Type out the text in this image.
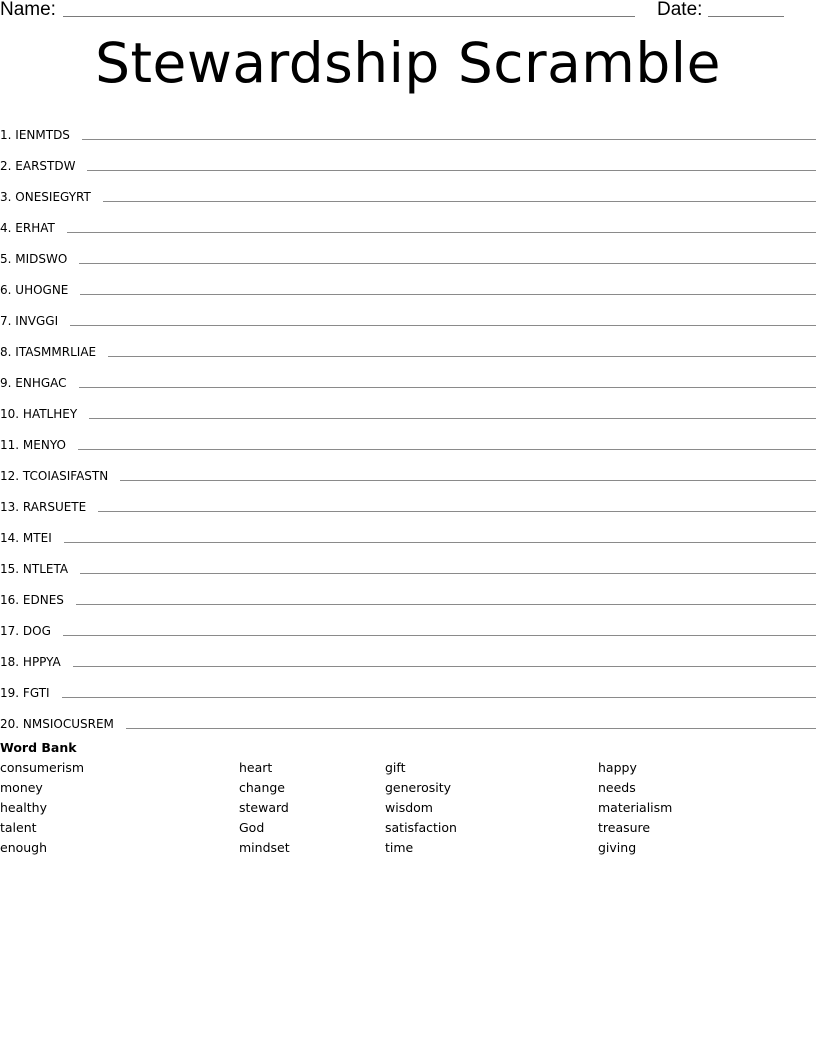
Name:	Date:
Stewardship Scramble
1.
IENMTDS
2.
EARSTDW
3.
ONESIEGYRT
4.
ERHAT
5.
MIDSWO
6.
UHOGNE
7.
INVGGI
8.
ITASMMRLIAE
9.
ENHGAC
10.
HATLHEY
11.
MENYO
12.
TCOIASIFASTN
13.
RARSUETE
14.
MTEI
15.
NTLETA
16.
EDNES
17.
DOG
18.
HPPYA
19.
FGTI
20.
NMSIOCUSREM
Word Bank
consumerism
money
healthy
talent
enough
heart
change
steward
God
mindset
gift
generosity
wisdom
satisfaction
time
happy
needs
materialism
treasure
giving
